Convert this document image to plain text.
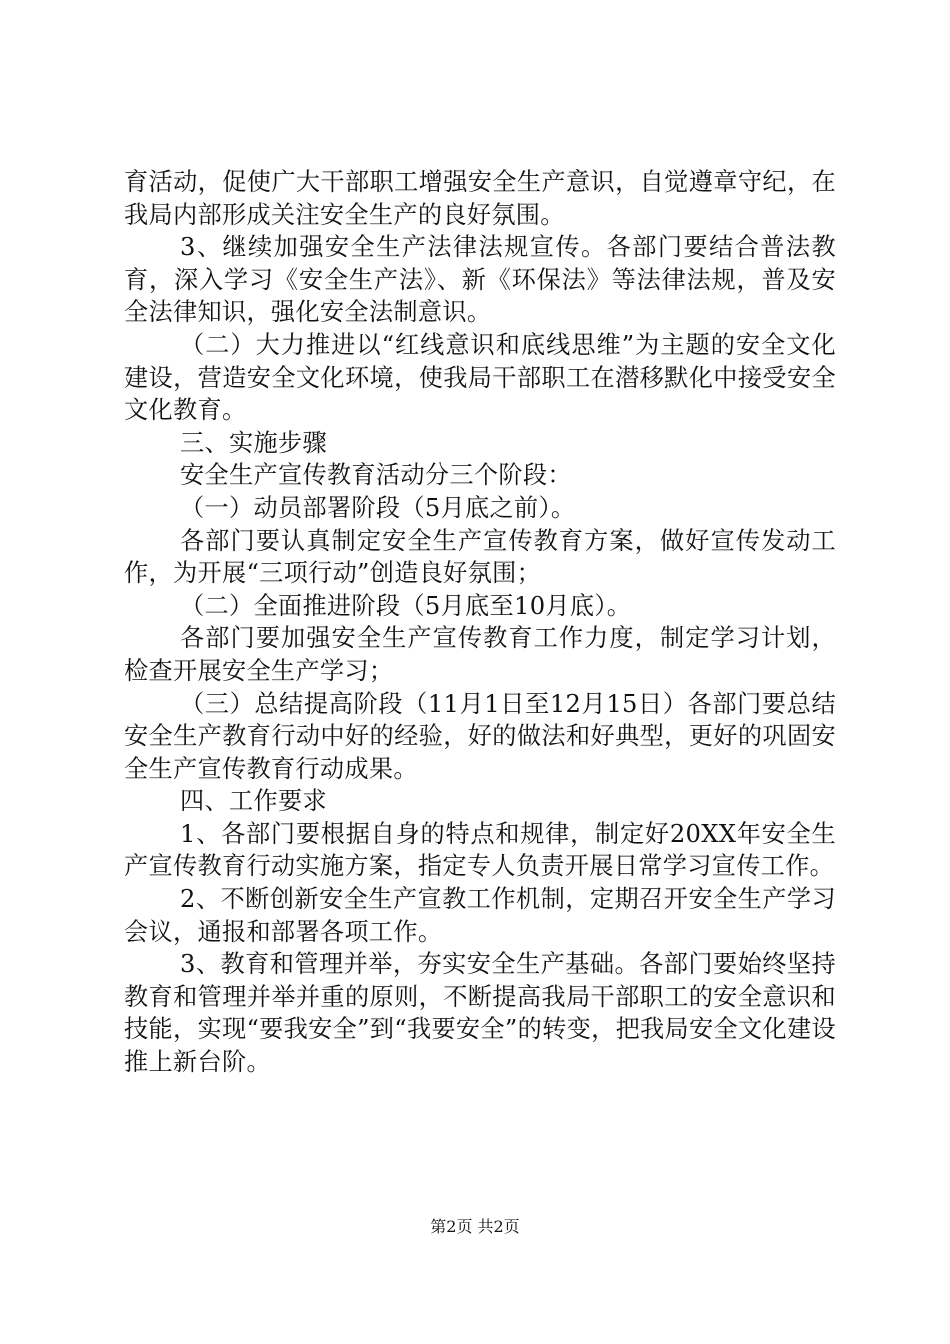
育活动，促使广大干部职工增强安全生产意识，自觉遵章守纪，在我局内部形成关注安全生产的良好氛围。

3、继续加强安全生产法律法规宣传。各部门要结合普法教育，深入学习《安全生产法》、新《环保法》等法律法规，普及安全法律知识，强化安全法制意识。

（二）大力推进以“红线意识和底线思维”为主题的安全文化建设，营造安全文化环境，使我局干部职工在潜移默化中接受安全文化教育。

三、实施步骤

安全生产宣传教育活动分三个阶段：

（一）动员部署阶段（5月底之前）。

各部门要认真制定安全生产宣传教育方案，做好宣传发动工作，为开展“三项行动”创造良好氛围；

（二）全面推进阶段（5月底至10月底）。

各部门要加强安全生产宣传教育工作力度，制定学习计划，检查开展安全生产学习；

（三）总结提高阶段（11月1日至12月15日）各部门要总结安全生产教育行动中好的经验，好的做法和好典型，更好的巩固安全生产宣传教育行动成果。

四、工作要求

1、各部门要根据自身的特点和规律，制定好20XX年安全生产宣传教育行动实施方案，指定专人负责开展日常学习宣传工作。

2、不断创新安全生产宣教工作机制，定期召开安全生产学习会议，通报和部署各项工作。

3、教育和管理并举，夯实安全生产基础。各部门要始终坚持教育和管理并举并重的原则，不断提高我局干部职工的安全意识和技能，实现“要我安全”到“我要安全”的转变，把我局安全文化建设推上新台阶。

第2页 共2页
